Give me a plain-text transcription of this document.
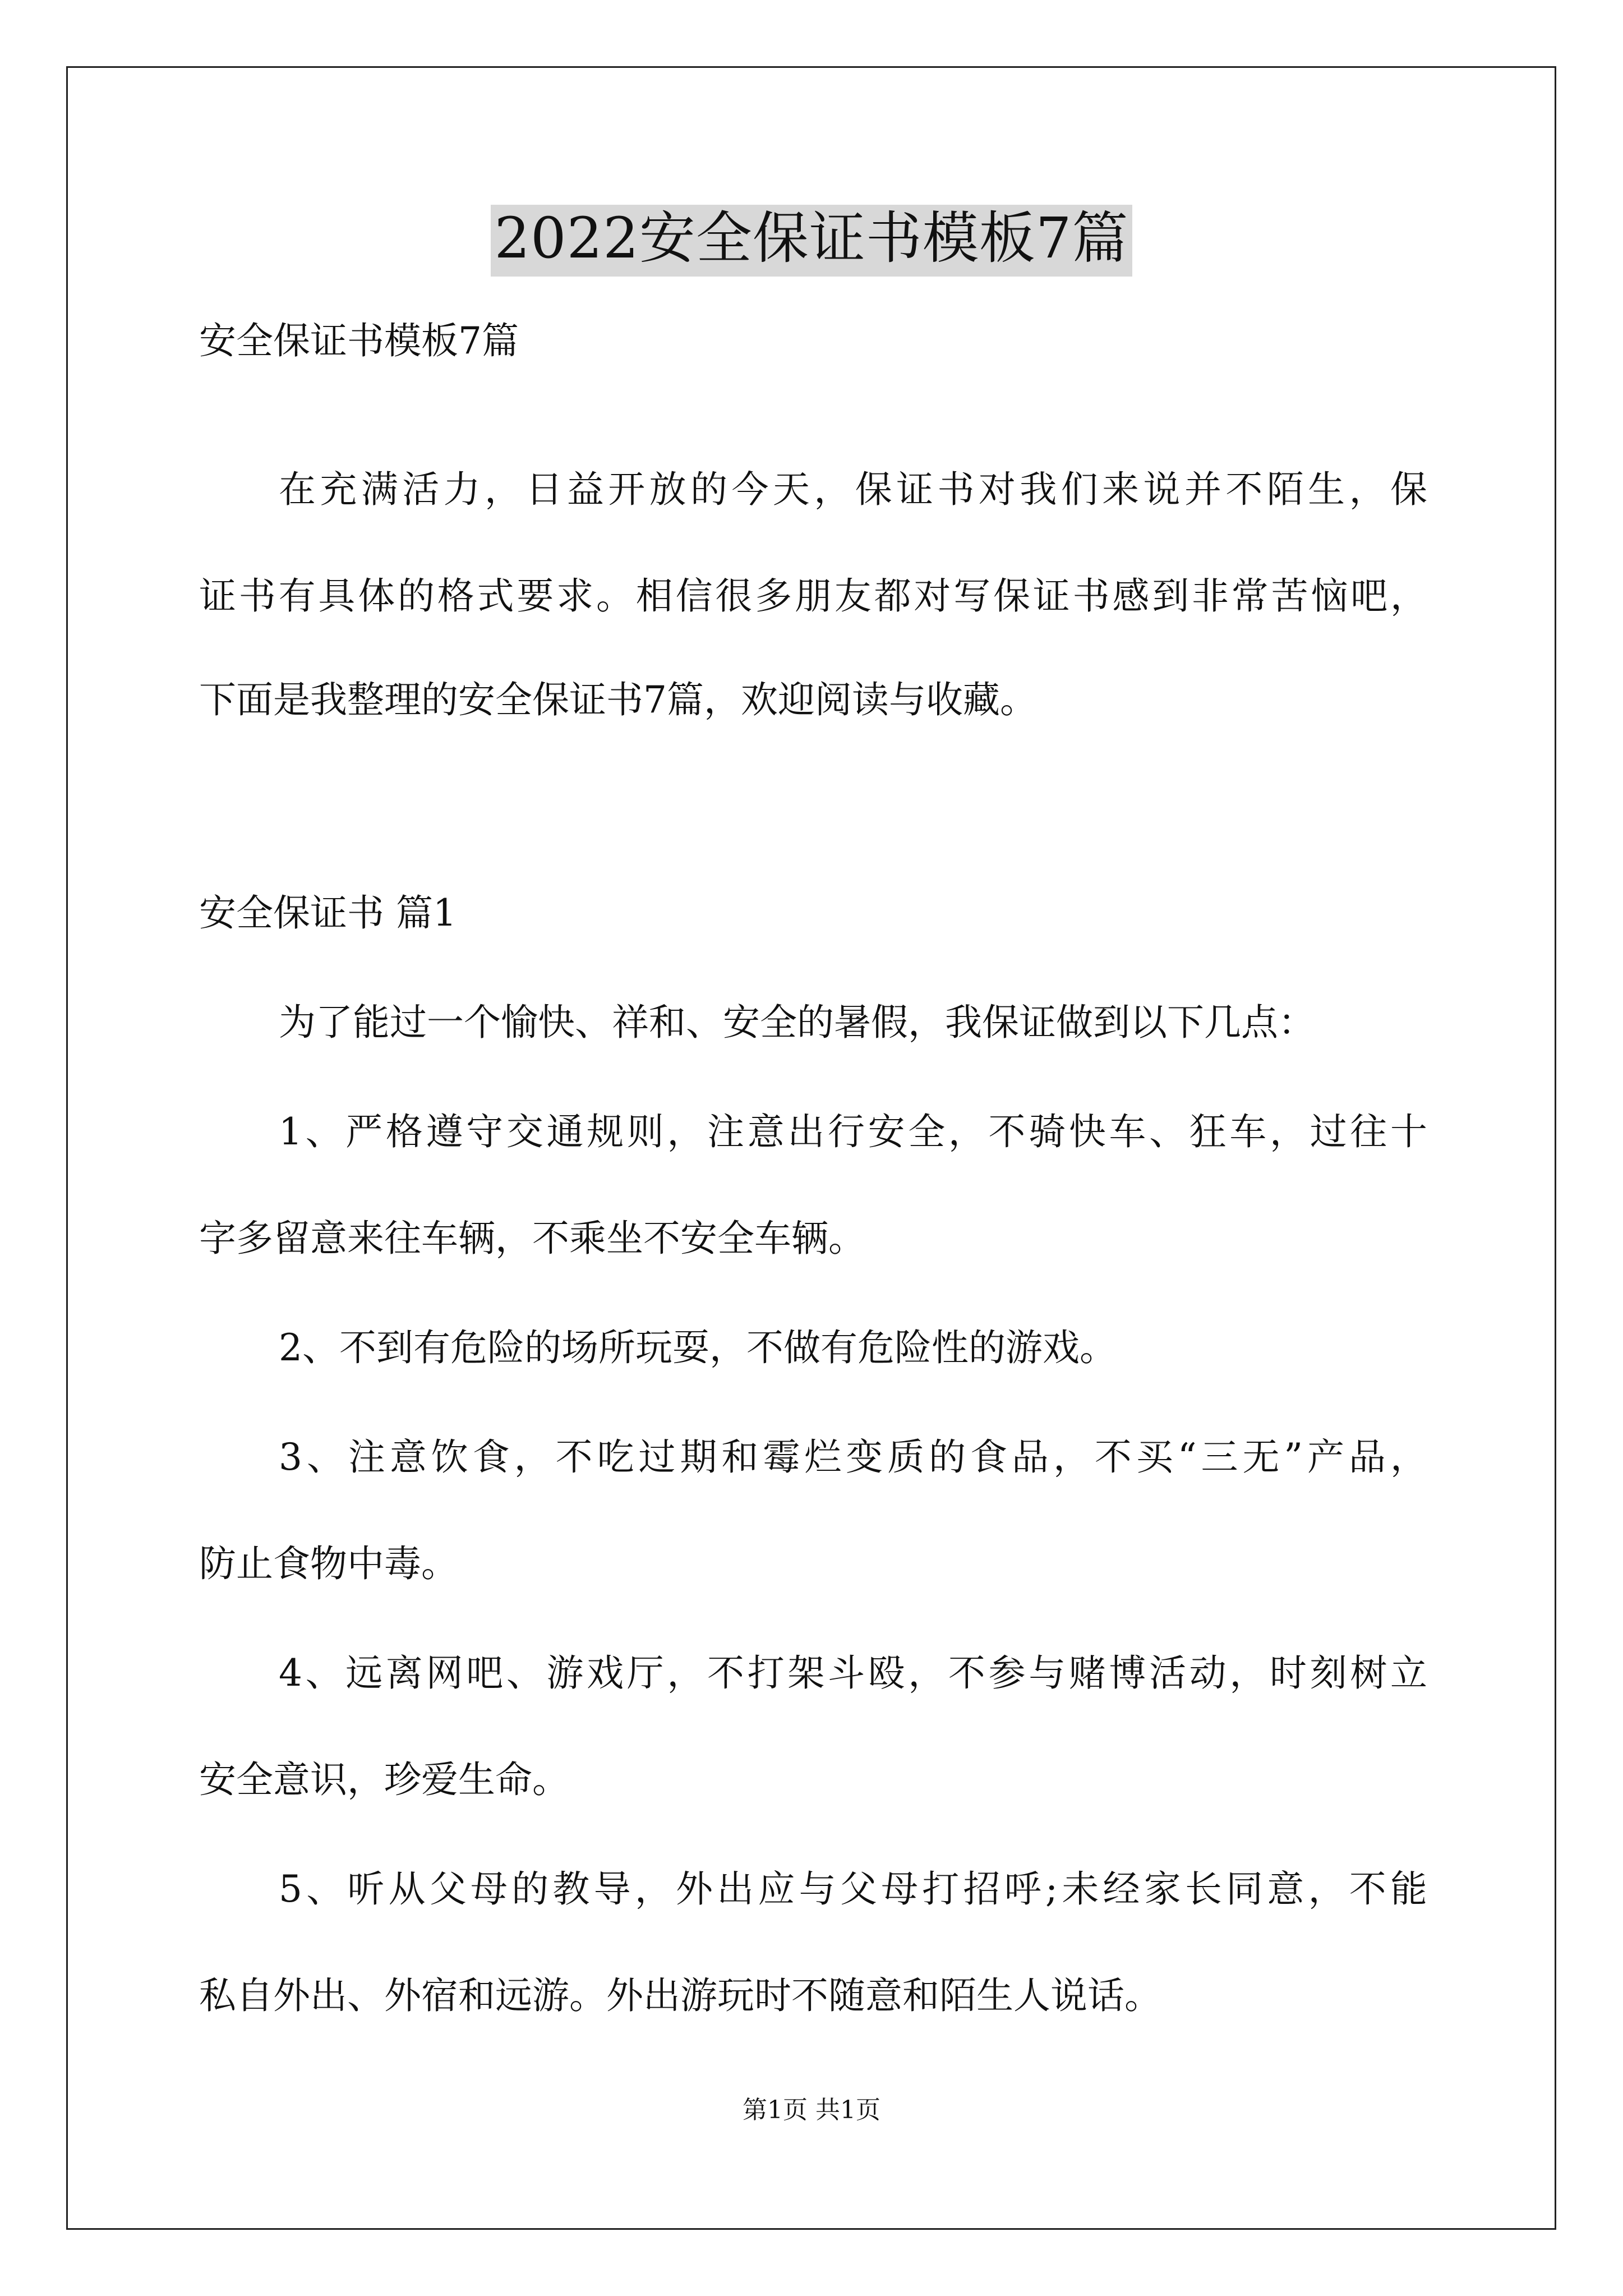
2022安全保证书模板7篇
安全保证书模板7篇
在充满活力，日益开放的今天，保证书对我们来说并不陌生，保
证书有具体的格式要求。相信很多朋友都对写保证书感到非常苦恼吧，
下面是我整理的安全保证书7篇，欢迎阅读与收藏。
安全保证书 篇1
为了能过一个愉快、祥和、安全的暑假，我保证做到以下几点：
1、严格遵守交通规则，注意出行安全，不骑快车、狂车，过往十
字多留意来往车辆，不乘坐不安全车辆。
2、不到有危险的场所玩耍，不做有危险性的游戏。
3、注意饮食，不吃过期和霉烂变质的食品，不买“三无”产品，
防止食物中毒。
4、远离网吧、游戏厅，不打架斗殴，不参与赌博活动，时刻树立
安全意识，珍爱生命。
5、听从父母的教导，外出应与父母打招呼;未经家长同意，不能
私自外出、外宿和远游。外出游玩时不随意和陌生人说话。
第1页 共1页
